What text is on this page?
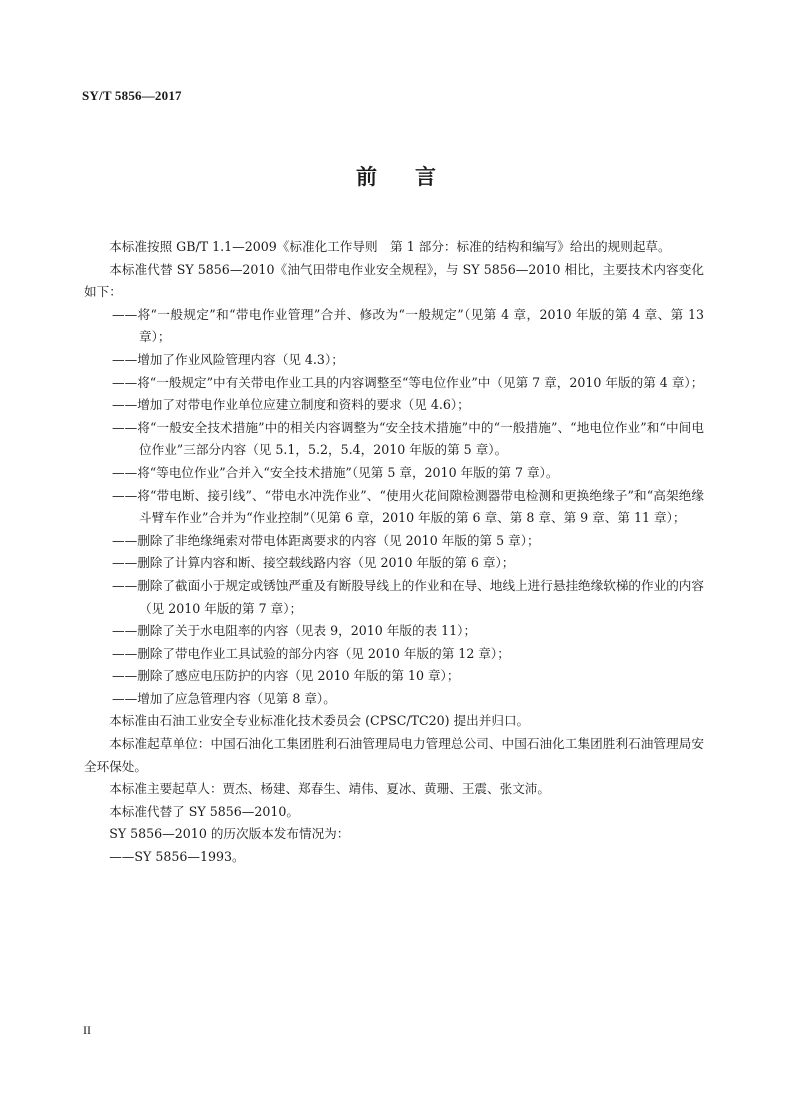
SY/T 5856—2017
前 言

本标准按照 GB/T 1.1—2009《标准化工作导则　第 1 部分：标准的结构和编写》给出的规则起草。

本标准代替 SY 5856—2010《油气田带电作业安全规程》，与 SY 5856—2010 相比，主要技术内容变化如下：

——将“一般规定”和“带电作业管理”合并、修改为“一般规定”（见第 4 章，2010 年版的第 4 章、第 13 章）；

——增加了作业风险管理内容（见 4.3）；

——将“一般规定”中有关带电作业工具的内容调整至“等电位作业”中（见第 7 章，2010 年版的第 4 章）；

——增加了对带电作业单位应建立制度和资料的要求（见 4.6）；

——将“一般安全技术措施”中的相关内容调整为“安全技术措施”中的“一般措施”、“地电位作业”和“中间电位作业”三部分内容（见 5.1，5.2，5.4，2010 年版的第 5 章）。

——将“等电位作业”合并入“安全技术措施”（见第 5 章，2010 年版的第 7 章）。

——将“带电断、接引线”、“带电水冲洗作业”、“使用火花间隙检测器带电检测和更换绝缘子”和“高架绝缘斗臂车作业”合并为“作业控制”（见第 6 章，2010 年版的第 6 章、第 8 章、第 9 章、第 11 章）；

——删除了非绝缘绳索对带电体距离要求的内容（见 2010 年版的第 5 章）；

——删除了计算内容和断、接空载线路内容（见 2010 年版的第 6 章）；

——删除了截面小于规定或锈蚀严重及有断股导线上的作业和在导、地线上进行悬挂绝缘软梯的作业的内容（见 2010 年版的第 7 章）；

——删除了关于水电阻率的内容（见表 9，2010 年版的表 11）；

——删除了带电作业工具试验的部分内容（见 2010 年版的第 12 章）；

——删除了感应电压防护的内容（见 2010 年版的第 10 章）；

——增加了应急管理内容（见第 8 章）。

本标准由石油工业安全专业标准化技术委员会 (CPSC/TC20) 提出并归口。

本标准起草单位：中国石油化工集团胜利石油管理局电力管理总公司、中国石油化工集团胜利石油管理局安全环保处。

本标准主要起草人：贾杰、杨建、郑春生、靖伟、夏冰、黄珊、王震、张文沛。

本标准代替了 SY 5856—2010。

SY 5856—2010 的历次版本发布情况为：

——SY 5856—1993。

II
